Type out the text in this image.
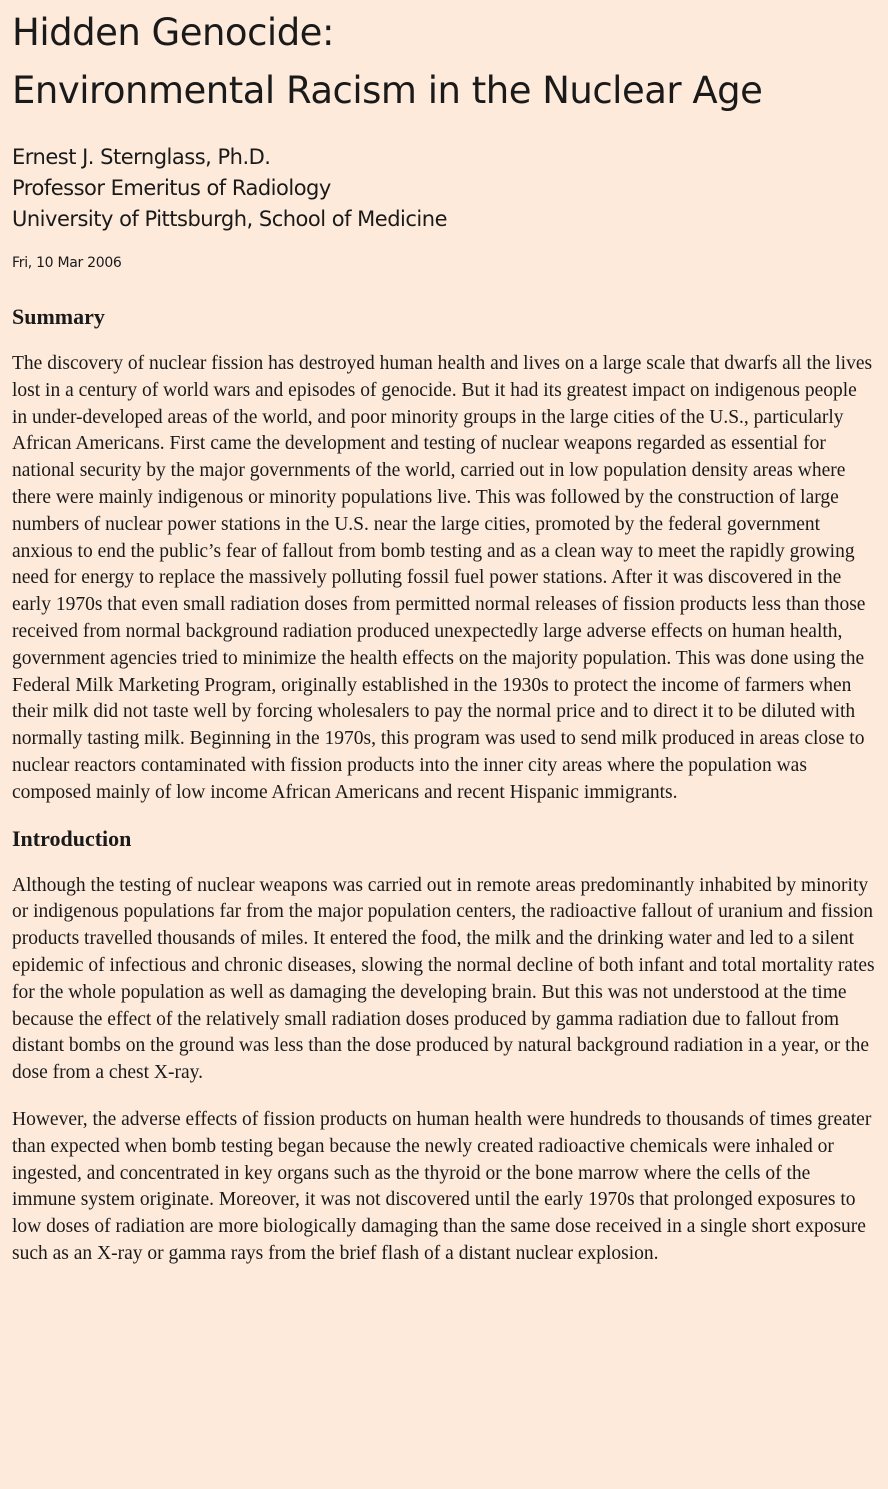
Hidden Genocide:
Environmental Racism in the Nuclear Age
Ernest J. Sternglass, Ph.D.
Professor Emeritus of Radiology
University of Pittsburgh, School of Medicine
Fri, 10 Mar 2006
Summary

The discovery of nuclear fission has destroyed human health and lives on a large scale that dwarfs all the lives lost in a century of world wars and episodes of genocide. But it had its greatest impact on indigenous people in under-developed areas of the world, and poor minority groups in the large cities of the U.S., particularly African Americans. First came the development and testing of nuclear weapons regarded as essential for national security by the major governments of the world, carried out in low population density areas where there were mainly indigenous or minority populations live. This was followed by the construction of large numbers of nuclear power stations in the U.S. near the large cities, promoted by the federal government anxious to end the public’s fear of fallout from bomb testing and as a clean way to meet the rapidly growing need for energy to replace the massively polluting fossil fuel power stations. After it was discovered in the early 1970s that even small radiation doses from permitted normal releases of fission products less than those received from normal background radiation produced unexpectedly large adverse effects on human health, government agencies tried to minimize the health effects on the majority population. This was done using the Federal Milk Marketing Program, originally established in the 1930s to protect the income of farmers when their milk did not taste well by forcing wholesalers to pay the normal price and to direct it to be diluted with normally tasting milk. Beginning in the 1970s, this program was used to send milk produced in areas close to nuclear reactors contaminated with fission products into the inner city areas where the population was composed mainly of low income African Americans and recent Hispanic immigrants.

Introduction

Although the testing of nuclear weapons was carried out in remote areas predominantly inhabited by minority or indigenous populations far from the major population centers, the radioactive fallout of uranium and fission products travelled thousands of miles. It entered the food, the milk and the drinking water and led to a silent epidemic of infectious and chronic diseases, slowing the normal decline of both infant and total mortality rates for the whole population as well as damaging the developing brain. But this was not understood at the time because the effect of the relatively small radiation doses produced by gamma radiation due to fallout from distant bombs on the ground was less than the dose produced by natural background radiation in a year, or the dose from a chest X-ray.

However, the adverse effects of fission products on human health were hundreds to thousands of times greater than expected when bomb testing began because the newly created radioactive chemicals were inhaled or ingested, and concentrated in key organs such as the thyroid or the bone marrow where the cells of the immune system originate. Moreover, it was not discovered until the early 1970s that prolonged exposures to low doses of radiation are more biologically damaging than the same dose received in a single short exposure such as an X-ray or gamma rays from the brief flash of a distant nuclear explosion.
